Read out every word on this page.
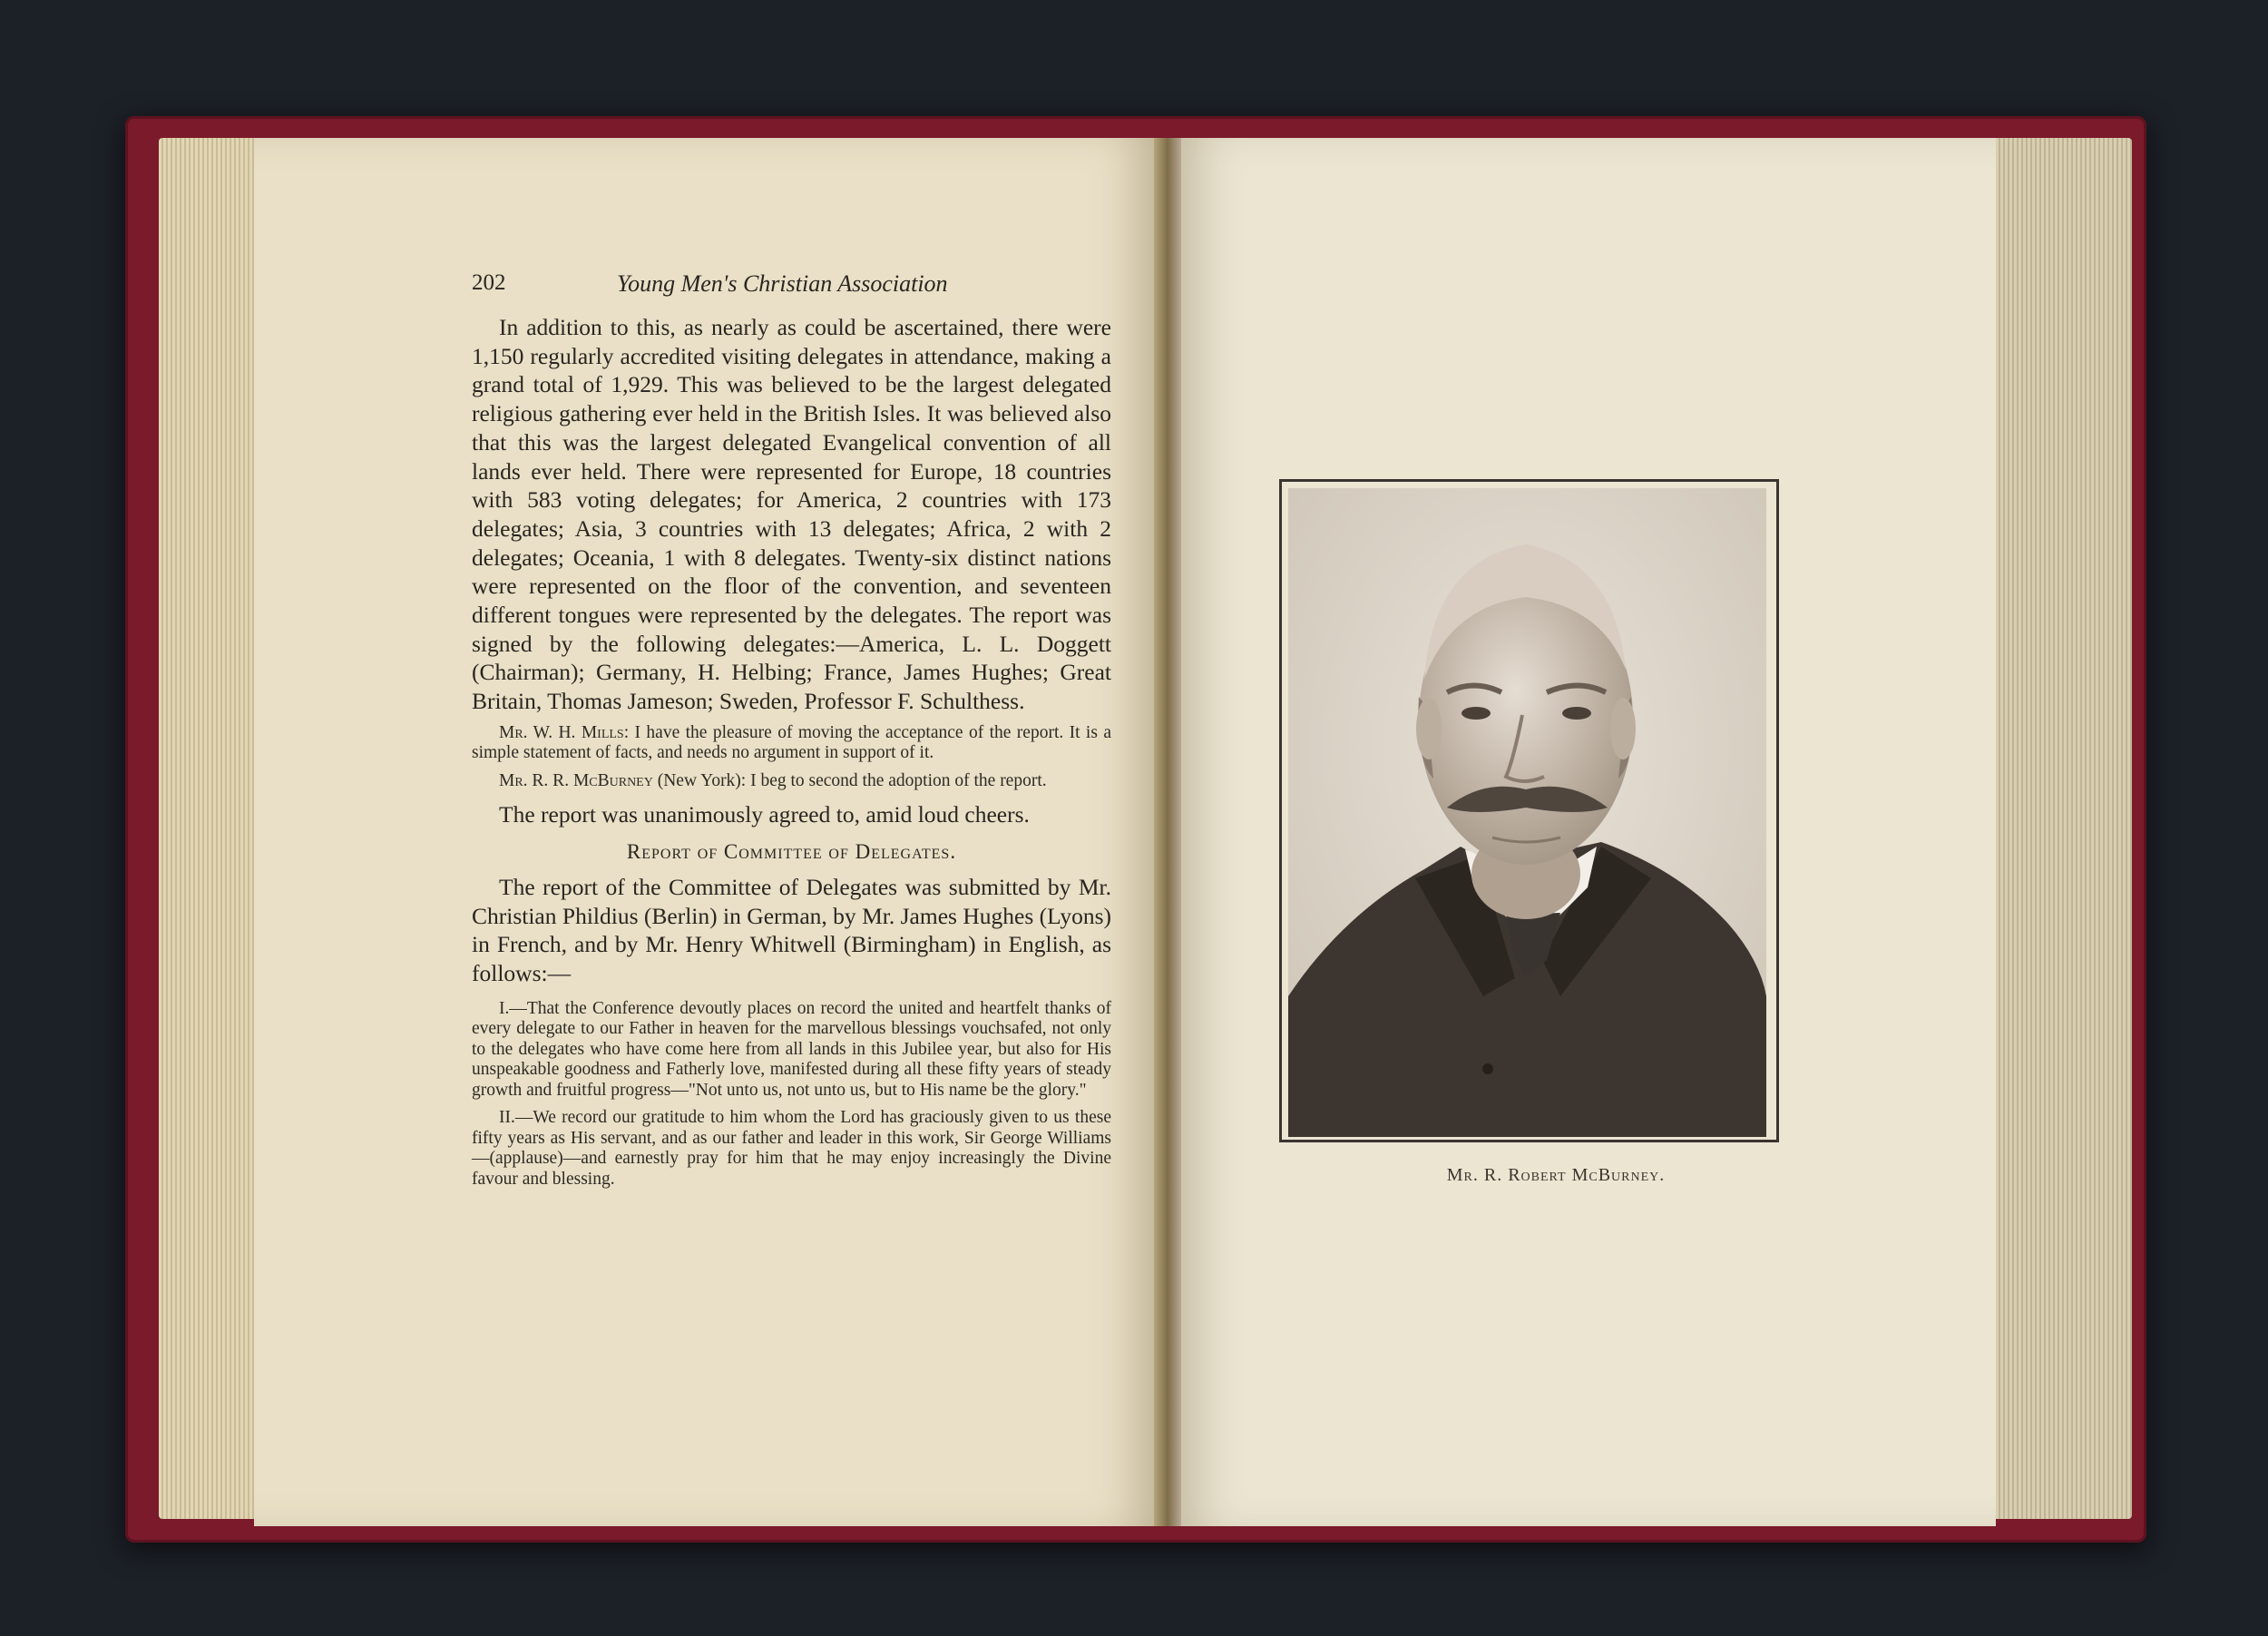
202	Young Men's Christian Association

In addition to this, as nearly as could be ascertained, there were 1,150 regularly accredited visiting delegates in attendance, making a grand total of 1,929. This was believed to be the largest delegated religious gathering ever held in the British Isles. It was believed also that this was the largest delegated Evangelical convention of all lands ever held. There were represented for Europe, 18 countries with 583 voting delegates; for America, 2 countries with 173 delegates; Asia, 3 countries with 13 delegates; Africa, 2 with 2 delegates; Oceania, 1 with 8 delegates. Twenty-six distinct nations were represented on the floor of the convention, and seventeen different tongues were represented by the delegates. The report was signed by the following delegates:—America, L. L. Doggett (Chairman); Germany, H. Helbing; France, James Hughes; Great Britain, Thomas Jameson; Sweden, Professor F. Schulthess.

Mr. W. H. Mills: I have the pleasure of moving the acceptance of the report. It is a simple statement of facts, and needs no argument in support of it.

Mr. R. R. McBurney (New York): I beg to second the adoption of the report.

The report was unanimously agreed to, amid loud cheers.

Report of Committee of Delegates.

The report of the Committee of Delegates was submitted by Mr. Christian Phildius (Berlin) in German, by Mr. James Hughes (Lyons) in French, and by Mr. Henry Whitwell (Birmingham) in English, as follows:—

I.—That the Conference devoutly places on record the united and heartfelt thanks of every delegate to our Father in heaven for the marvellous blessings vouchsafed, not only to the delegates who have come here from all lands in this Jubilee year, but also for His unspeakable goodness and Fatherly love, manifested during all these fifty years of steady growth and fruitful progress—"Not unto us, not unto us, but to His name be the glory."

II.—We record our gratitude to him whom the Lord has graciously given to us these fifty years as His servant, and as our father and leader in this work, Sir George Williams—(applause)—and earnestly pray for him that he may enjoy increasingly the Divine favour and blessing.	Mr. R. Robert McBurney.
